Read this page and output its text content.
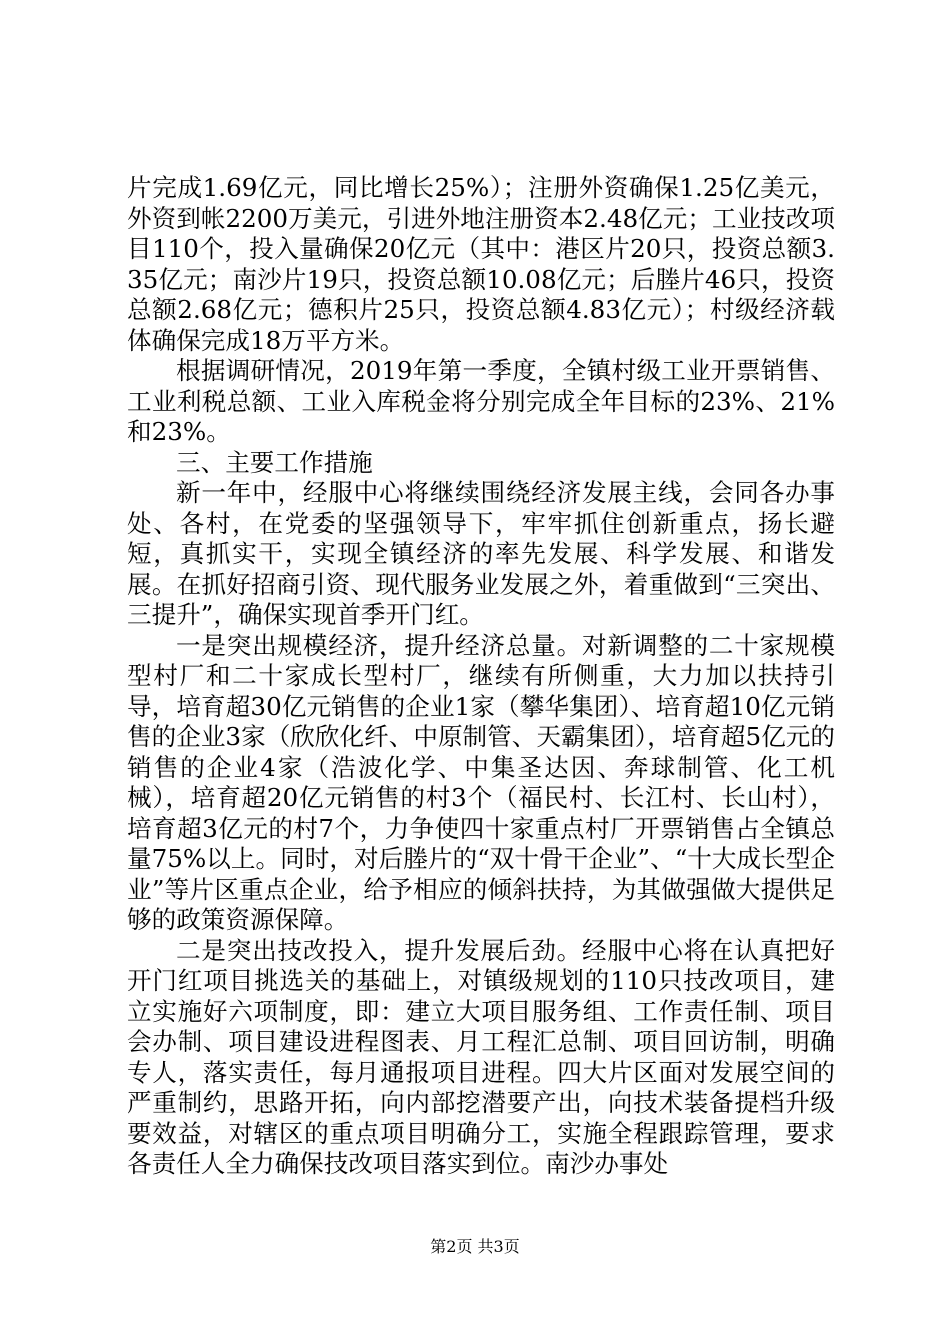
片完成1.69亿元，同比增长25%）；注册外资确保1.25亿美元，外资到帐2200万美元，引进外地注册资本2.48亿元；工业技改项目110个，投入量确保20亿元（其中：港区片20只，投资总额3.35亿元；南沙片19只，投资总额10.08亿元；后塍片46只，投资总额2.68亿元；德积片25只，投资总额4.83亿元）；村级经济载体确保完成18万平方米。

根据调研情况，2019年第一季度，全镇村级工业开票销售、工业利税总额、工业入库税金将分别完成全年目标的23%、21%和23%。

三、主要工作措施

新一年中，经服中心将继续围绕经济发展主线，会同各办事处、各村，在党委的坚强领导下，牢牢抓住创新重点，扬长避短，真抓实干，实现全镇经济的率先发展、科学发展、和谐发展。在抓好招商引资、现代服务业发展之外，着重做到“三突出、三提升”，确保实现首季开门红。

一是突出规模经济，提升经济总量。对新调整的二十家规模型村厂和二十家成长型村厂，继续有所侧重，大力加以扶持引导，培育超30亿元销售的企业1家（攀华集团）、培育超10亿元销售的企业3家（欣欣化纤、中原制管、天霸集团），培育超5亿元的销售的企业4家（浩波化学、中集圣达因、奔球制管、化工机械），培育超20亿元销售的村3个（福民村、长江村、长山村），培育超3亿元的村7个，力争使四十家重点村厂开票销售占全镇总量75%以上。同时，对后塍片的“双十骨干企业”、“十大成长型企业”等片区重点企业，给予相应的倾斜扶持，为其做强做大提供足够的政策资源保障。

二是突出技改投入，提升发展后劲。经服中心将在认真把好开门红项目挑选关的基础上，对镇级规划的110只技改项目，建立实施好六项制度，即：建立大项目服务组、工作责任制、项目会办制、项目建设进程图表、月工程汇总制、项目回访制，明确专人，落实责任，每月通报项目进程。四大片区面对发展空间的严重制约，思路开拓，向内部挖潜要产出，向技术装备提档升级要效益，对辖区的重点项目明确分工，实施全程跟踪管理，要求各责任人全力确保技改项目落实到位。南沙办事处

第2页 共3页
